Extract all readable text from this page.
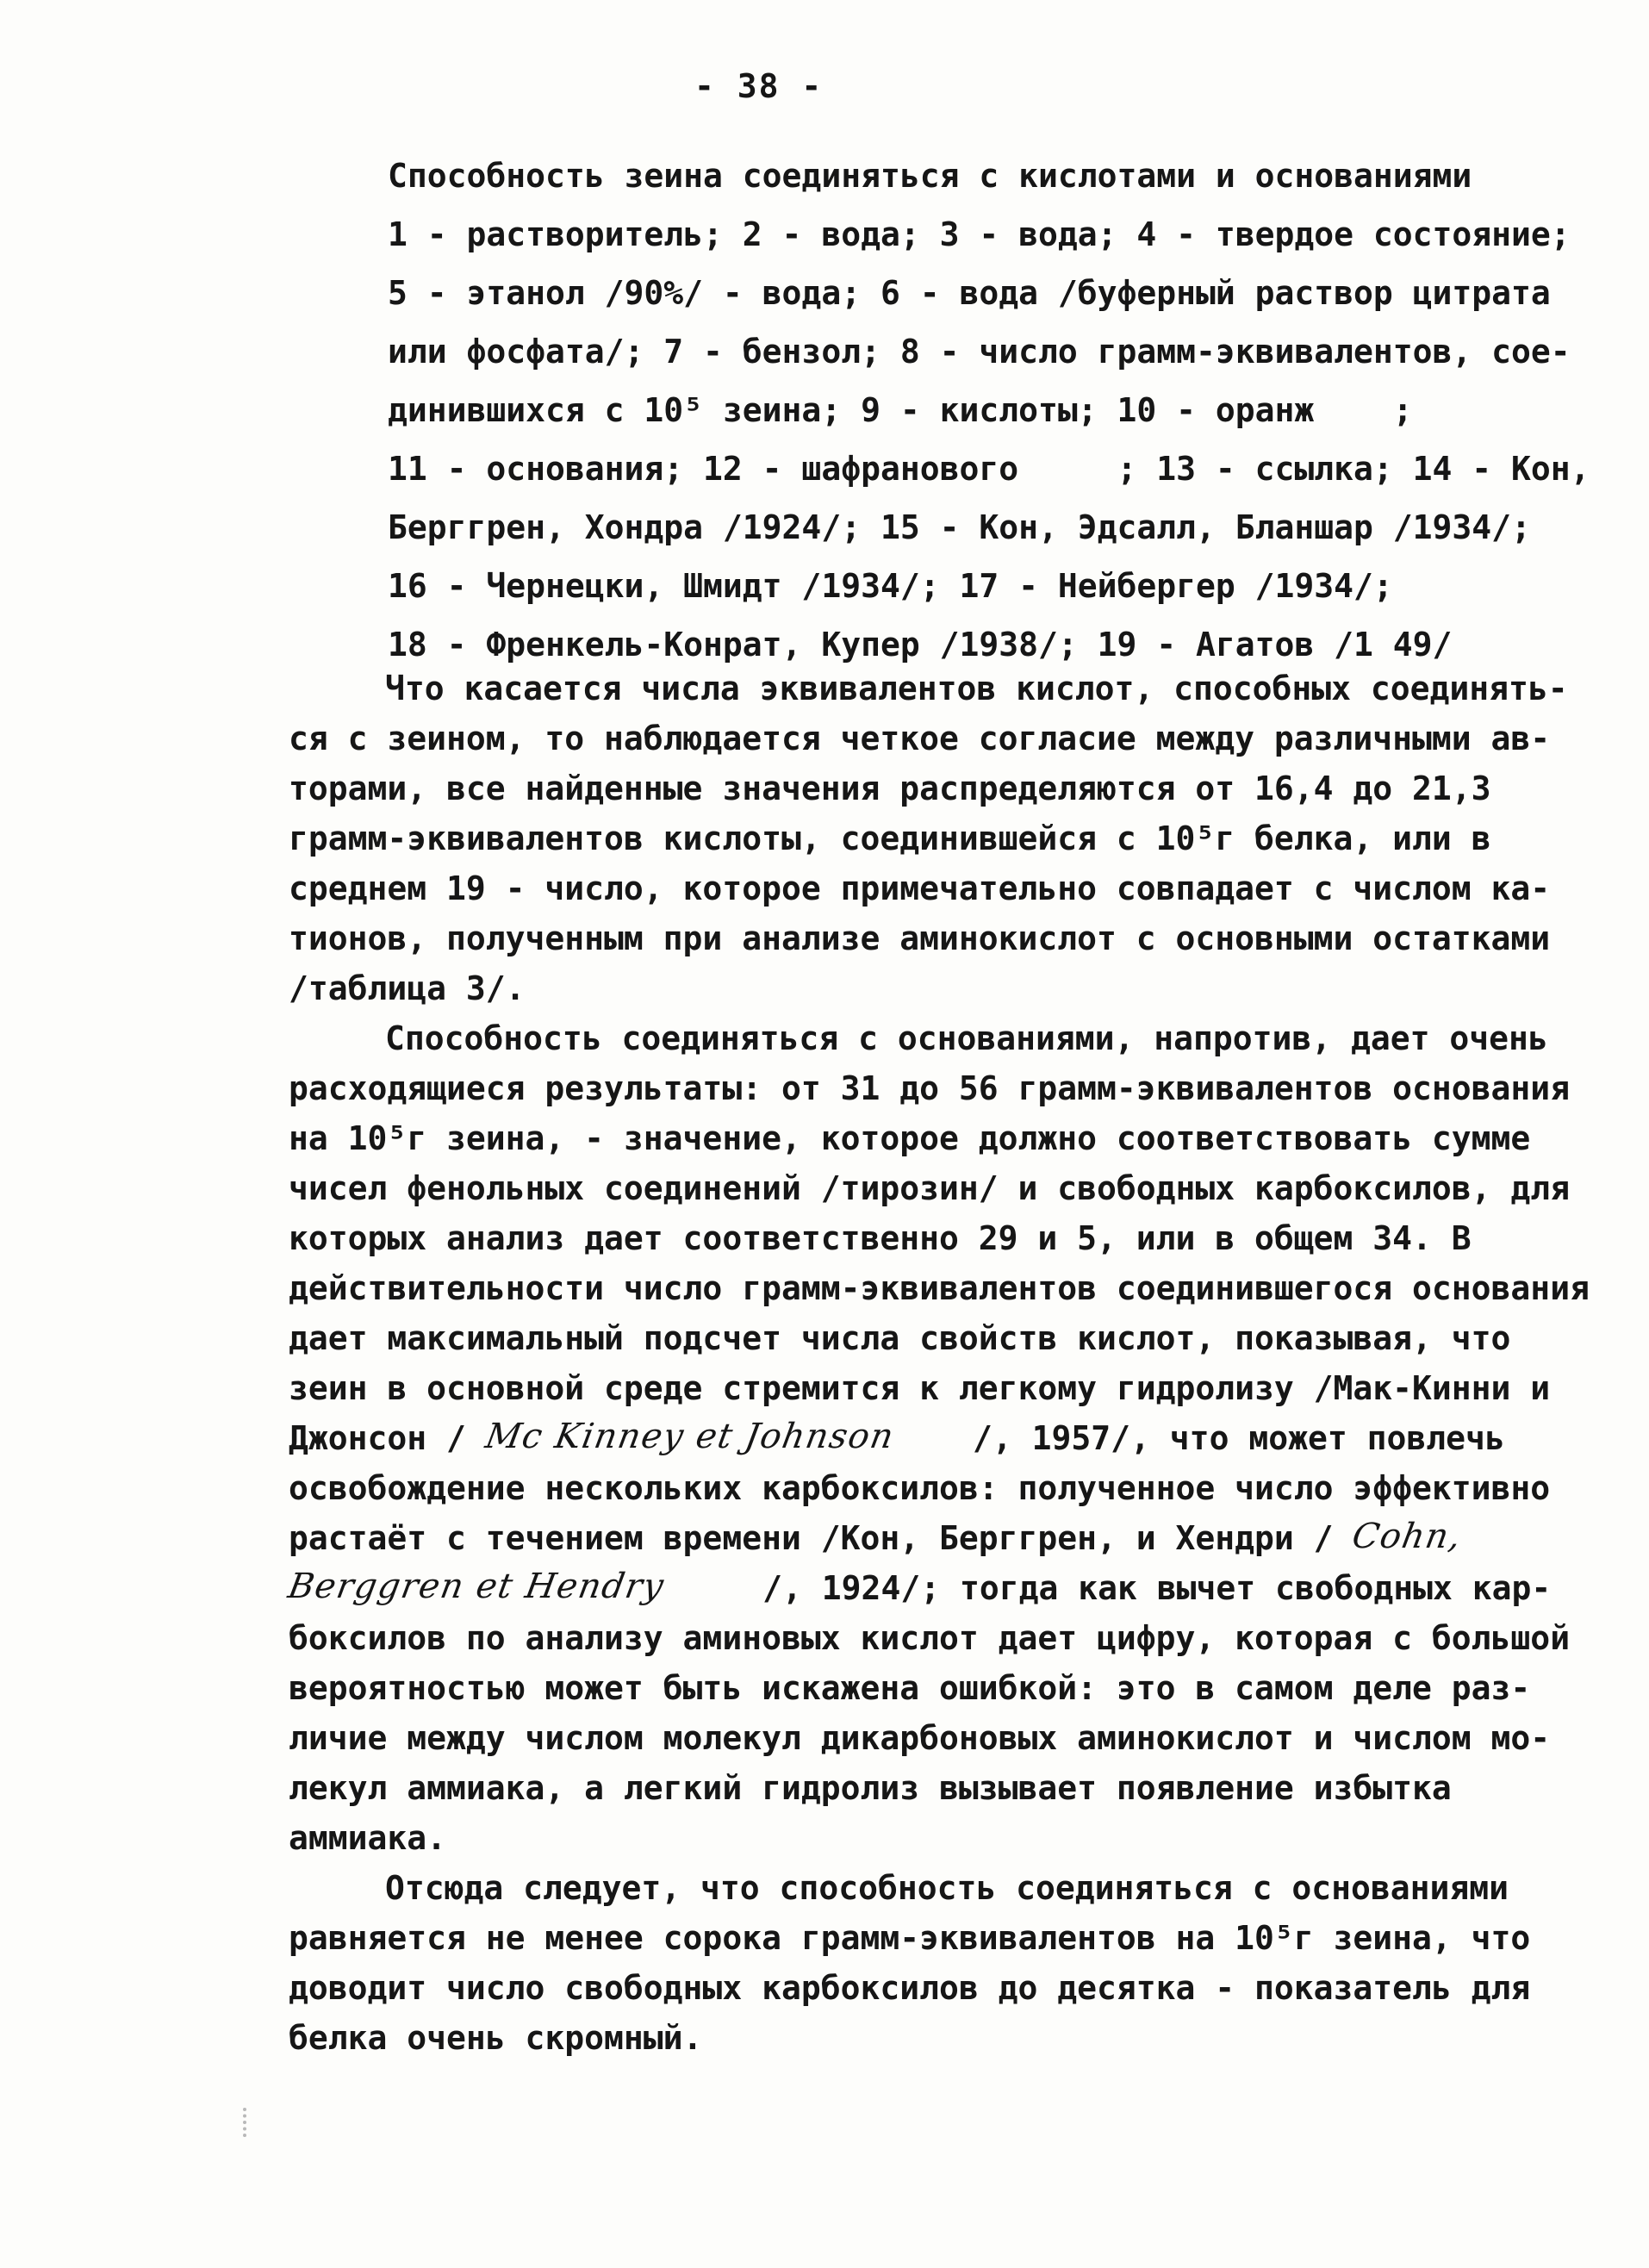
- 38 -
Способность зеина соединяться с кислотами и основаниями
1 - растворитель; 2 - вода; 3 - вода; 4 - твердое состояние;
5 - этанол /90%/ - вода; 6 - вода /буферный раствор цитрата
или фосфата/; 7 - бензол; 8 - число грамм-эквивалентов, сое-
динившихся с 10⁵ зеина; 9 - кислоты; 10 - оранж    ;
11 - основания; 12 - шафранового     ; 13 - ссылка; 14 - Кон,
Берггрен, Хондра /1924/; 15 - Кон, Эдсалл, Бланшар /1934/;
16 - Чернецки, Шмидт /1934/; 17 - Нейбергер /1934/;
18 - Френкель-Конрат, Купер /1938/; 19 - Агатов /1 49/
Что касается числа эквивалентов кислот, способных соединять-
ся с зеином, то наблюдается четкое согласие между различными ав-
торами, все найденные значения распределяются от 16,4 до 21,3
грамм-эквивалентов кислоты, соединившейся с 10⁵г белка, или в
среднем 19 - число, которое примечательно совпадает с числом ка-
тионов, полученным при анализе аминокислот с основными остатками
/таблица 3/.
Способность соединяться с основаниями, напротив, дает очень
расходящиеся результаты: от 31 до 56 грамм-эквивалентов основания
на 10⁵г зеина, - значение, которое должно соответствовать сумме
чисел фенольных соединений /тирозин/ и свободных карбоксилов, для
которых анализ дает соответственно 29 и 5, или в общем 34. В
действительности число грамм-эквивалентов соединившегося основания
дает максимальный подсчет числа свойств кислот, показывая, что
зеин в основной среде стремится к легкому гидролизу /Мак-Кинни и
Джонсон / Mc Kinney et Johnson    /, 1957/, что может повлечь
освобождение нескольких карбоксилов: полученное число эффективно
растаёт с течением времени /Кон, Берггрен, и Хендри / Cohn,
Berggren et Hendry     /, 1924/; тогда как вычет свободных кар-
боксилов по анализу аминовых кислот дает цифру, которая с большой
вероятностью может быть искажена ошибкой: это в самом деле раз-
личие между числом молекул дикарбоновых аминокислот и числом мо-
лекул аммиака, а легкий гидролиз вызывает появление избытка
аммиака.
Отсюда следует, что способность соединяться с основаниями
равняется не менее сорока грамм-эквивалентов на 10⁵г зеина, что
доводит число свободных карбоксилов до десятка - показатель для
белка очень скромный.
